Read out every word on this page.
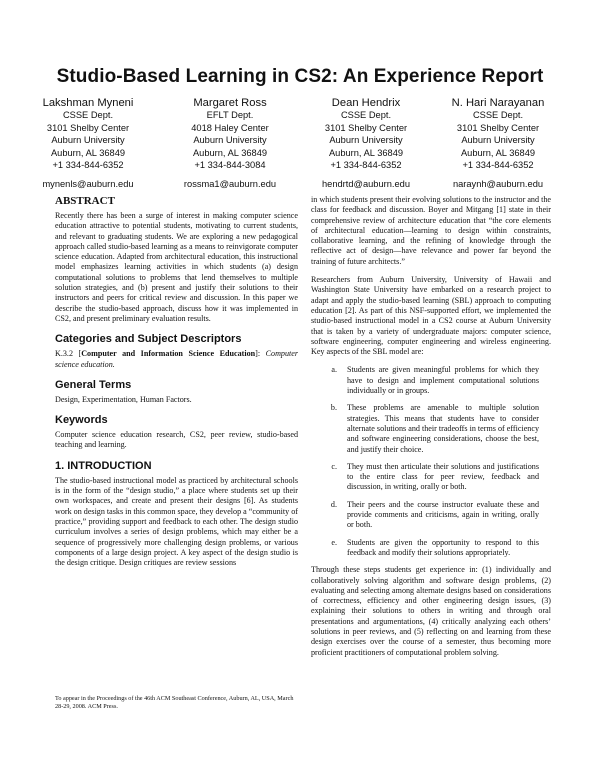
Studio-Based Learning in CS2: An Experience Report
Lakshman Myneni
CSSE Dept.
3101 Shelby Center
Auburn University
Auburn, AL 36849
+1 334-844-6352
mynenls@auburn.edu
Margaret Ross
EFLT Dept.
4018 Haley Center
Auburn University
Auburn, AL 36849
+1 334-844-3084
rossma1@auburn.edu
Dean Hendrix
CSSE Dept.
3101 Shelby Center
Auburn University
Auburn, AL 36849
+1 334-844-6352
hendrtd@auburn.edu
N. Hari Narayanan
CSSE Dept.
3101 Shelby Center
Auburn University
Auburn, AL 36849
+1 334-844-6352
naraynh@auburn.edu
ABSTRACT

Recently there has been a surge of interest in making computer science education attractive to potential students, motivating to current students, and relevant to graduating students. We are exploring a new pedagogical approach called studio-based learning as a means to reinvigorate computer science education. Adapted from architectural education, this instructional model emphasizes learning activities in which students (a) design computational solutions to problems that lend themselves to multiple solution strategies, and (b) present and justify their solutions to their instructors and peers for critical review and discussion. In this paper we describe the studio-based approach, discuss how it was implemented in CS2, and present preliminary evaluation results.

Categories and Subject Descriptors

K.3.2 [Computer and Information Science Education]: Computer science education.

General Terms

Design, Experimentation, Human Factors.

Keywords

Computer science education research, CS2, peer review, studio-based teaching and learning.

1. INTRODUCTION

The studio-based instructional model as practiced by architectural schools is in the form of the “design studio,” a place where students set up their own workspaces, and create and present their designs [6]. As students work on design tasks in this common space, they develop a “community of practice,” providing support and feedback to each other. The design studio curriculum involves a series of design problems, which may either be a sequence of progressively more challenging design problems, or various components of a large design project. A key aspect of the design studio is the design critique. Design critiques are review sessions

To appear in the Proceedings of the 46th ACM Southeast Conference, Auburn, AL, USA, March 28-29, 2008. ACM Press.

in which students present their evolving solutions to the instructor and the class for feedback and discussion. Boyer and Mitgang [1] state in their comprehensive review of architecture education that “the core elements of architectural education—learning to design within constraints, collaborative learning, and the refining of knowledge through the reflective act of design—have relevance and power far beyond the training of future architects.”

Researchers from Auburn University, University of Hawaii and Washington State University have embarked on a research project to adapt and apply the studio-based learning (SBL) approach to computing education [2]. As part of this NSF-supported effort, we implemented the studio-based instructional model in a CS2 course at Auburn University that is taken by a variety of undergraduate majors: computer science, software engineering, computer engineering and wireless engineering. Key aspects of the SBL model are:

a.	Students are given meaningful problems for which they have to design and implement computational solutions individually or in groups.
b.	These problems are amenable to multiple solution strategies. This means that students have to consider alternate solutions and their tradeoffs in terms of efficiency and software engineering considerations, choose the best, and justify their choice.
c.	They must then articulate their solutions and justifications to the entire class for peer review, feedback and discussion, in writing, orally or both.
d.	Their peers and the course instructor evaluate these and provide comments and criticisms, again in writing, orally or both.
e.	Students are given the opportunity to respond to this feedback and modify their solutions appropriately.

Through these steps students get experience in: (1) individually and collaboratively solving algorithm and software design problems, (2) evaluating and selecting among alternate designs based on considerations of correctness, efficiency and other engineering design issues, (3) explaining their solutions to others in writing and through oral presentations and argumentations, (4) critically analyzing each others’ solutions in peer reviews, and (5) reflecting on and learning from these design exercises over the course of a semester, thus becoming more proficient practitioners of computational problem solving.
